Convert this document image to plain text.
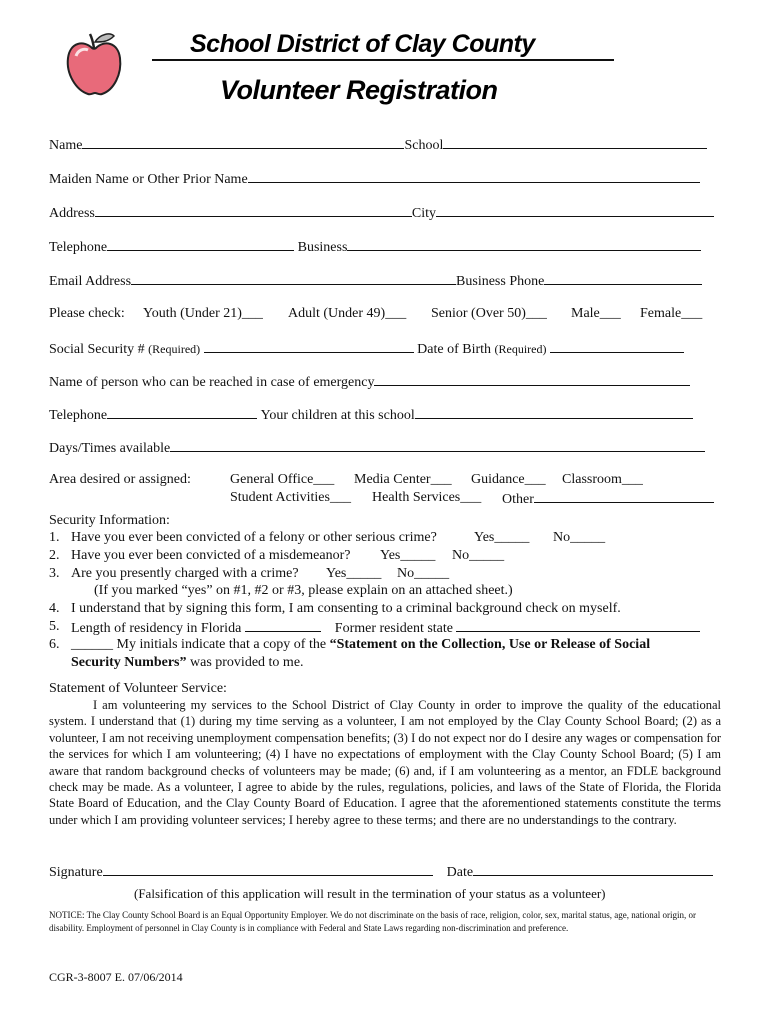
School District of Clay County
Volunteer Registration
Name	School
Maiden Name or Other Prior Name
Address	City
Telephone	Business
Email Address	Business Phone
Please check: Youth (Under 21)___ Adult (Under 49)___ Senior (Over 50)___ Male___ Female___
Social Security # (Required)	Date of Birth (Required)
Name of person who can be reached in case of emergency
Telephone	Your children at this school
Days/Times available
Area desired or assigned:	General Office___ Media Center___ Guidance___ Classroom___
Student Activities___ Health Services___ Other
Security Information:
1. Have you ever been convicted of a felony or other serious crime?	Yes_____ No_____
2. Have you ever been convicted of a misdemeanor? Yes_____ No_____
3. Are you presently charged with a crime? Yes_____ No_____
(If you marked “yes” on #1, #2 or #3, please explain on an attached sheet.)
4. I understand that by signing this form, I am consenting to a criminal background check on myself.
5. Length of residency in Florida	Former resident state
6. ______ My initials indicate that a copy of the “Statement on the Collection, Use or Release of Social
Security Numbers” was provided to me.
Statement of Volunteer Service:
I am volunteering my services to the School District of Clay County in order to improve the quality of the educational system. I understand that (1) during my time serving as a volunteer, I am not employed by the Clay County School Board; (2) as a volunteer, I am not receiving unemployment compensation benefits; (3) I do not expect nor do I desire any wages or compensation for the services for which I am volunteering; (4) I have no expectations of employment with the Clay County School Board; (5) I am aware that random background checks of volunteers may be made; (6) and, if I am volunteering as a mentor, an FDLE background check may be made. As a volunteer, I agree to abide by the rules, regulations, policies, and laws of the State of Florida, the Florida State Board of Education, and the Clay County Board of Education. I agree that the aforementioned statements constitute the terms under which I am providing volunteer services; I hereby agree to these terms; and there are no understandings to the contrary.
Signature	Date
(Falsification of this application will result in the termination of your status as a volunteer)
NOTICE: The Clay County School Board is an Equal Opportunity Employer. We do not discriminate on the basis of race, religion, color, sex, marital status, age, national origin, or disability. Employment of personnel in Clay County is in compliance with Federal and State Laws regarding non-discrimination and preference.
CGR-3-8007 E. 07/06/2014
